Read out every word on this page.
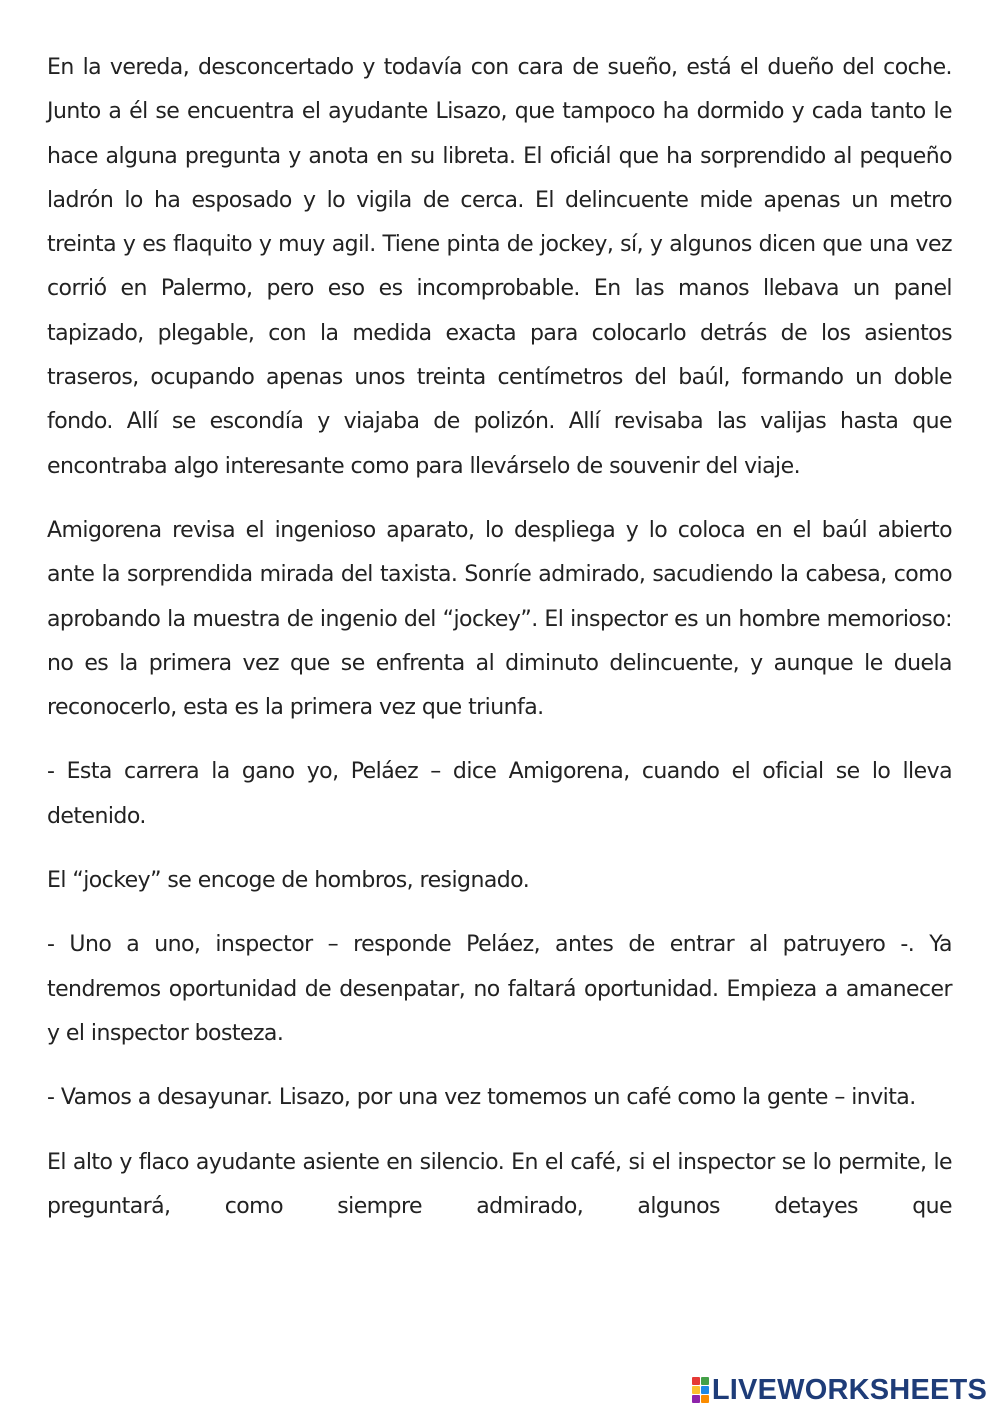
En la vereda, desconcertado y todavía con cara de sueño, está el dueño del coche. Junto a él se encuentra el ayudante Lisazo, que tampoco ha dormido y cada tanto le hace alguna pregunta y anota en su libreta. El oficiál que ha sorprendido al pequeño ladrón lo ha esposado y lo vigila de cerca. El delincuente mide apenas un metro treinta y es flaquito y muy agil. Tiene pinta de jockey, sí, y algunos dicen que una vez corrió en Palermo, pero eso es incomprobable. En las manos llebava un panel tapizado, plegable, con la medida exacta para colocarlo detrás de los asientos traseros, ocupando apenas unos treinta centímetros del baúl, formando un doble fondo. Allí se escondía y viajaba de polizón. Allí revisaba las valijas hasta que encontraba algo interesante como para llevárselo de souvenir del viaje.

Amigorena revisa el ingenioso aparato, lo despliega y lo coloca en el baúl abierto ante la sorprendida mirada del taxista. Sonríe admirado, sacudiendo la cabesa, como aprobando la muestra de ingenio del “jockey”. El inspector es un hombre memorioso: no es la primera vez que se enfrenta al diminuto delincuente, y aunque le duela reconocerlo, esta es la primera vez que triunfa.

- Esta carrera la gano yo, Peláez – dice Amigorena, cuando el oficial se lo lleva detenido.

El “jockey” se encoge de hombros, resignado.

- Uno a uno, inspector – responde Peláez, antes de entrar al patruyero -. Ya tendremos oportunidad de desenpatar, no faltará oportunidad. Empieza a amanecer y el inspector bosteza.

- Vamos a desayunar. Lisazo, por una vez tomemos un café como la gente – invita.

El alto y flaco ayudante asiente en silencio. En el café, si el inspector se lo permite, le preguntará, como siempre admirado, algunos detayes que

LIVEWORKSHEETS
